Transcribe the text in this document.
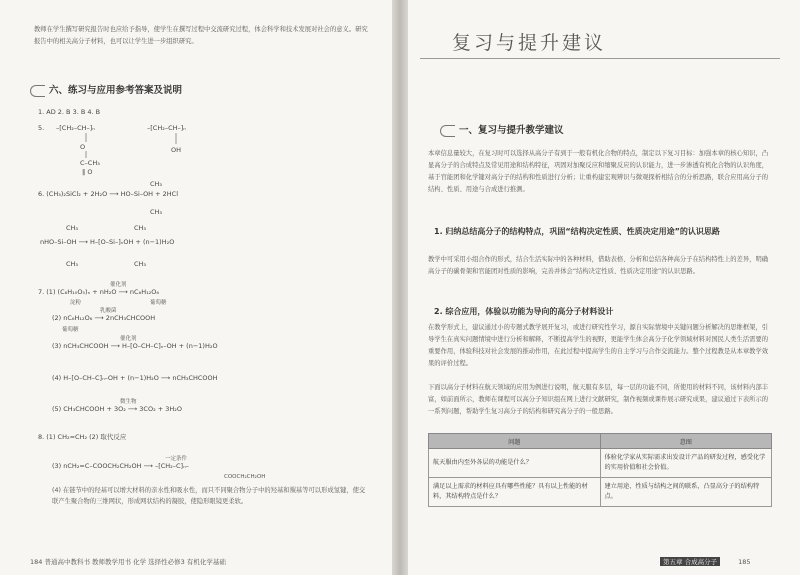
教师在学生撰写研究报告时也应给予指导，使学生在撰写过程中交流研究过程，体会科学和技术发展对社会的意义。研究报告中的相关高分子材料，也可以让学生进一步组织研究。
六、练习与应用参考答案及说明
1. AD 2. B 3. B 4. B
5. –[CH₂–CH–]ₙ
O
C–CH₃
‖ O
–[CH₂–CH–]ₙ
OH
6. (CH₃)₂SiCl₂ + 2H₂O ⟶ HO–Si–OH + 2HCl
CH₃
CH₃
nHO–Si–OH ⟶ H–[O–Si–]ₙOH + (n−1)H₂O
CH₃
CH₃
CH₃
CH₃
催化剂
7. (1) (C₆H₁₀O₅)ₙ + nH₂O ⟶ nC₆H₁₂O₆
淀粉	葡萄糖
乳酸菌
(2) nC₆H₁₂O₆ ⟶ 2nCH₃CHCOOH
葡萄糖
催化剂
(3) nCH₃CHCOOH ⟶ H–[O–CH–C]ₙ–OH + (n−1)H₂O
(4) H–[O–CH–C]ₙ–OH + (n−1)H₂O ⟶ nCH₃CHCOOH
微生物
(5) CH₃CHCOOH + 3O₂ ⟶ 3CO₂ + 3H₂O
8. (1) CH₂=CH₂ (2) 取代反应
一定条件
(3) nCH₂=C–COOCH₂CH₂OH ⟶ –[CH₂–C]ₙ–
COOCH₂CH₂OH
(4) 在链节中的羟基可以增大材料的亲水性和吸水性，而只不同聚合物分子中的羟基和羰基等可以形成氢键，使交联产生聚合物的三维网状，形成网状结构的凝胶，使隐形眼镜更柔软。
184 普通高中教科书 教师教学用书 化学 选择性必修3 有机化学基础
复习与提升建议
一、复习与提升教学建议
本章信息量较大，在复习时可以选择从高分子有到于一般有机化合物的特点，制定以下复习目标：加强本章的核心知识，凸显高分子的合成特点及常见用途和结构特征，巩固对加聚反应和缩聚反应的认识能力，进一步渗透有机化合物的认识角度，基于官能团和化学键对高分子的结构和性质进行分析；让重构建宏观辨识与微观探析相结合的分析思路，联合应用高分子的结构、性质、用途与合成进行推测。
1. 归纳总结高分子的结构特点，巩固“结构决定性质、性质决定用途”的认识思路
教学中可采用小组合作的形式，结合生活实际中的各种材料，借助表格、分析和总结各种高分子在结构特性上的差异，明确高分子的碳骨架和官能团对性质的影响，完善并体会“结构决定性质、性质决定用途”的认识思路。
2. 综合应用，体验以功能为导向的高分子材料设计
在教学形式上，建议通过小的专题式教学展开复习，或进行研究性学习，源自实际情境中关键问题分析解决的思维框架，引导学生在真实问题情境中进行分析和解释，不断提高学生的视野，更能学生体会高分子化学领域材料对国民人类生活需要的重要作用，体验科技对社会发展的推动作用，在此过程中提高学生的自主学习与合作交流能力。整个过程教是从本章教学效果的评价过程。
下面以高分子材料在航天领域的应用为例进行说明，航天服有多层，每一层的功能不同，所使用的材料不同，该材料内部丰富，如前面所示，教师在课程可以高分子知识组在网上进行文献研究，制作视频或课件展示研究成果，建议通过下表所示的一系列问题，帮助学生复习高分子的结构和研究高分子的一般思路。
问题	意图
航天服由内至外各层的功能是什么？	体验化学家从实际需求出发设计产品的研发过程，感受化学的实用价值和社会价值。
满足以上需求的材料应具有哪些性能？具有以上性能的材料，其结构特点是什么？	建立用途、性质与结构之间的联系，凸显高分子的结构特点。
第五章 合成高分子	185
